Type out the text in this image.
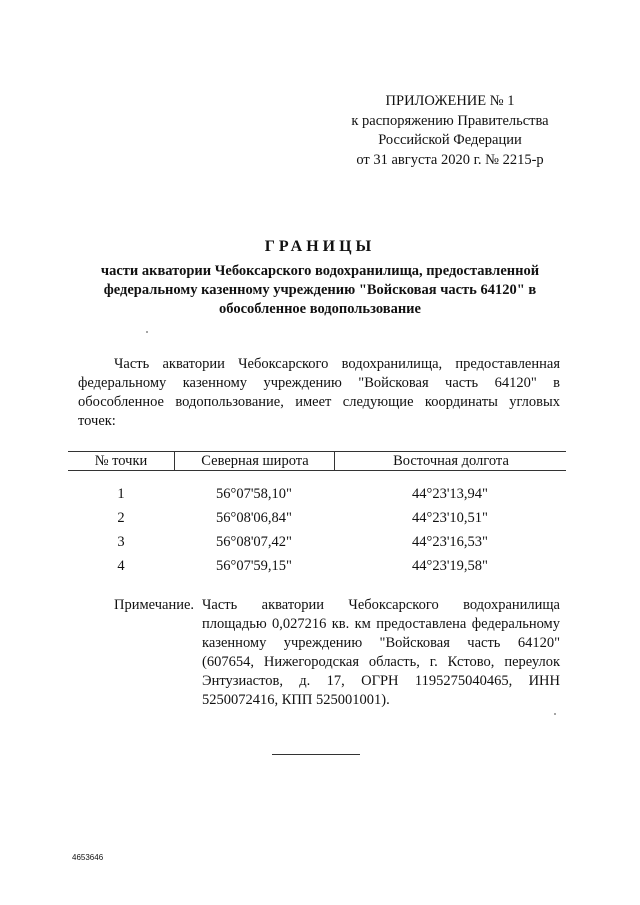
ПРИЛОЖЕНИЕ № 1
к распоряжению Правительства
Российской Федерации
от 31 августа 2020 г. № 2215-р
ГРАНИЦЫ
части акватории Чебоксарского водохранилища, предоставленной федеральному казенному учреждению "Войсковая часть 64120" в обособленное водопользование

Часть акватории Чебоксарского водохранилища, предоставленная федеральному казенному учреждению "Войсковая часть 64120" в обособленное водопользование, имеет следующие координаты угловых точек:

№ точки	Северная широта	Восточная долгота
1	56°07'58,10"	44°23'13,94"
2	56°08'06,84"	44°23'10,51"
3	56°08'07,42"	44°23'16,53"
4	56°07'59,15"	44°23'19,58"
Примечание. Часть акватории Чебоксарского водохранилища площадью 0,027216 кв. км предоставлена федеральному казенному учреждению "Войсковая часть 64120" (607654, Нижегородская область, г. Кстово, переулок Энтузиастов, д. 17, ОГРН 1195275040465, ИНН 5250072416, КПП 525001001).

4653646
